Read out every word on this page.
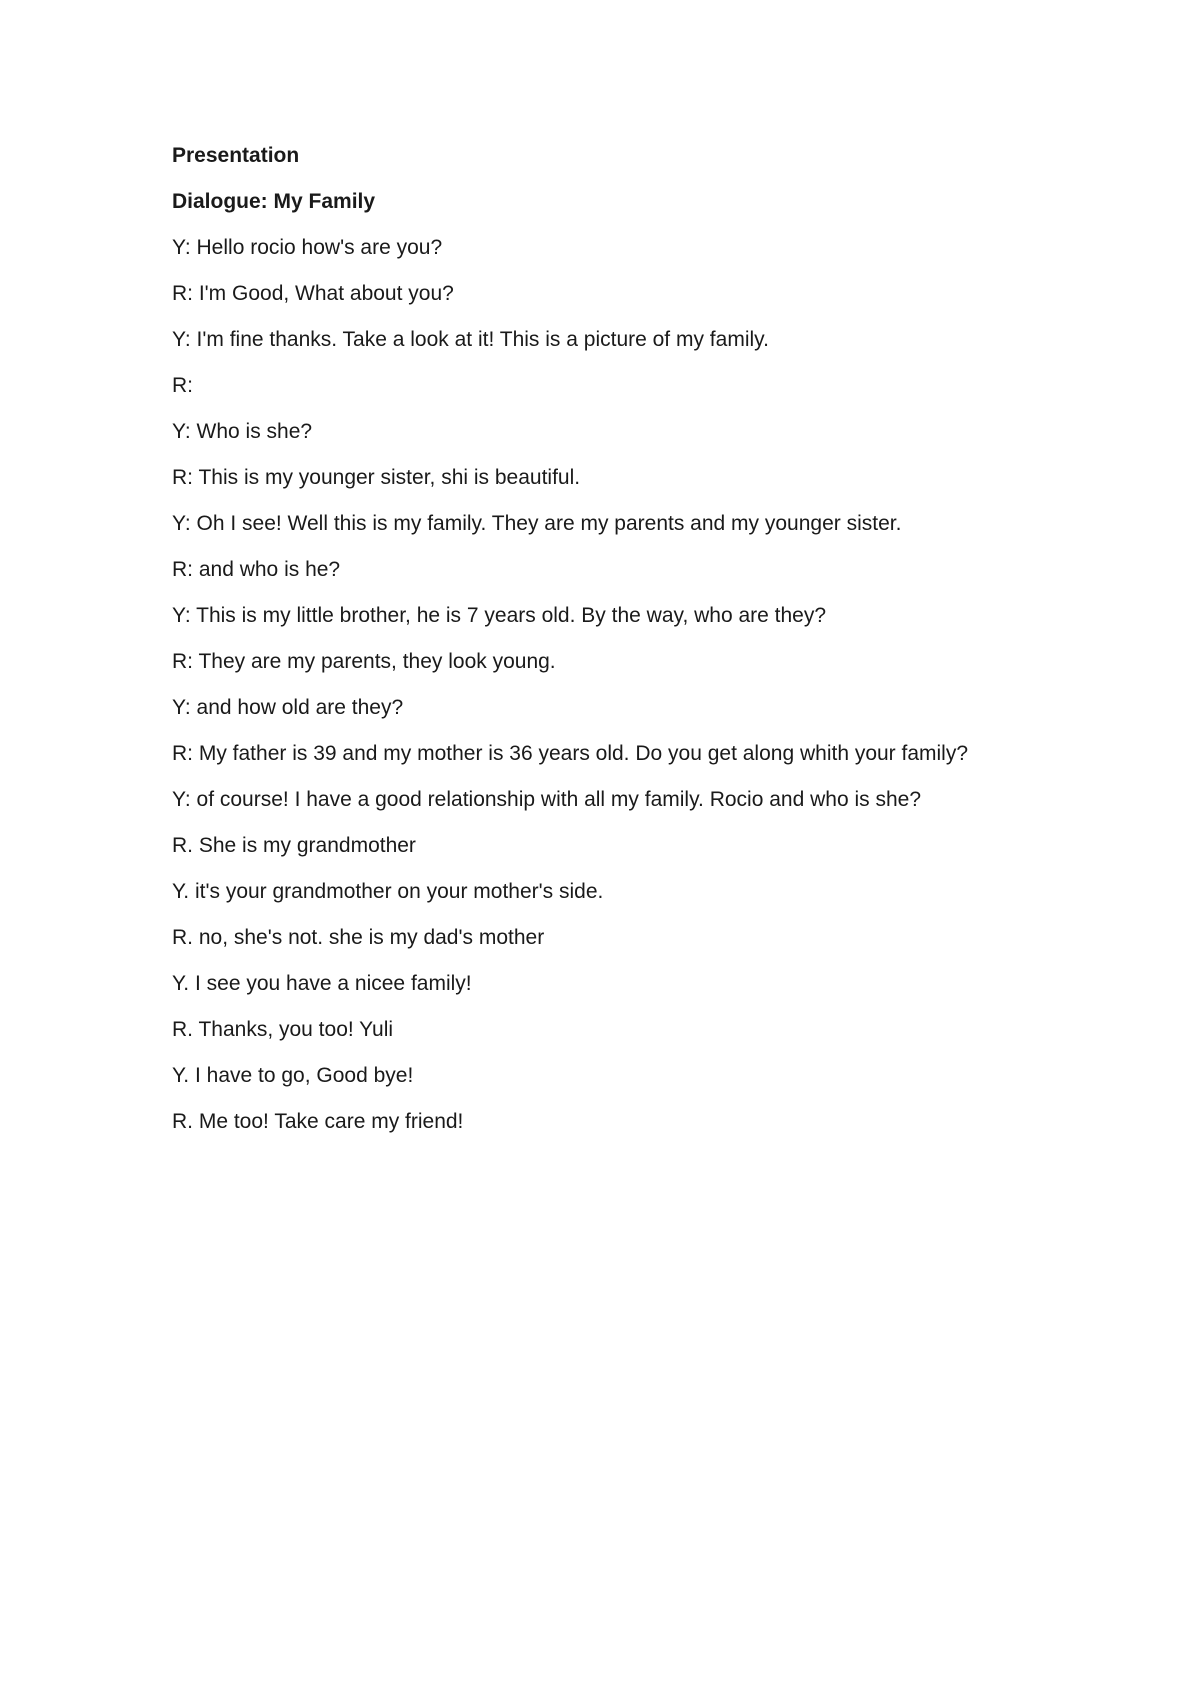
Presentation
Dialogue: My Family
Y: Hello rocio how's are you?
R: I'm Good, What about you?
Y: I'm fine thanks. Take a look at it! This is a picture of my family.
R:
Y: Who is she?
R: This is my younger sister, shi is beautiful.
Y: Oh I see! Well this is my family. They are my parents and my younger sister.
R: and who is he?
Y: This is my little brother, he is 7 years old. By the way, who are they?
R: They are my parents, they look young.
Y: and how old are they?
R: My father is 39 and my mother is 36 years old. Do you get along whith your family?
Y: of course! I have a good relationship with all my family. Rocio and who is she?
R. She is my grandmother
Y. it's your grandmother on your mother's side.
R. no, she's not. she is my dad's mother
Y. I see you have a nicee family!
R. Thanks, you too! Yuli
Y. I have to go, Good bye!
R. Me too! Take care my friend!
